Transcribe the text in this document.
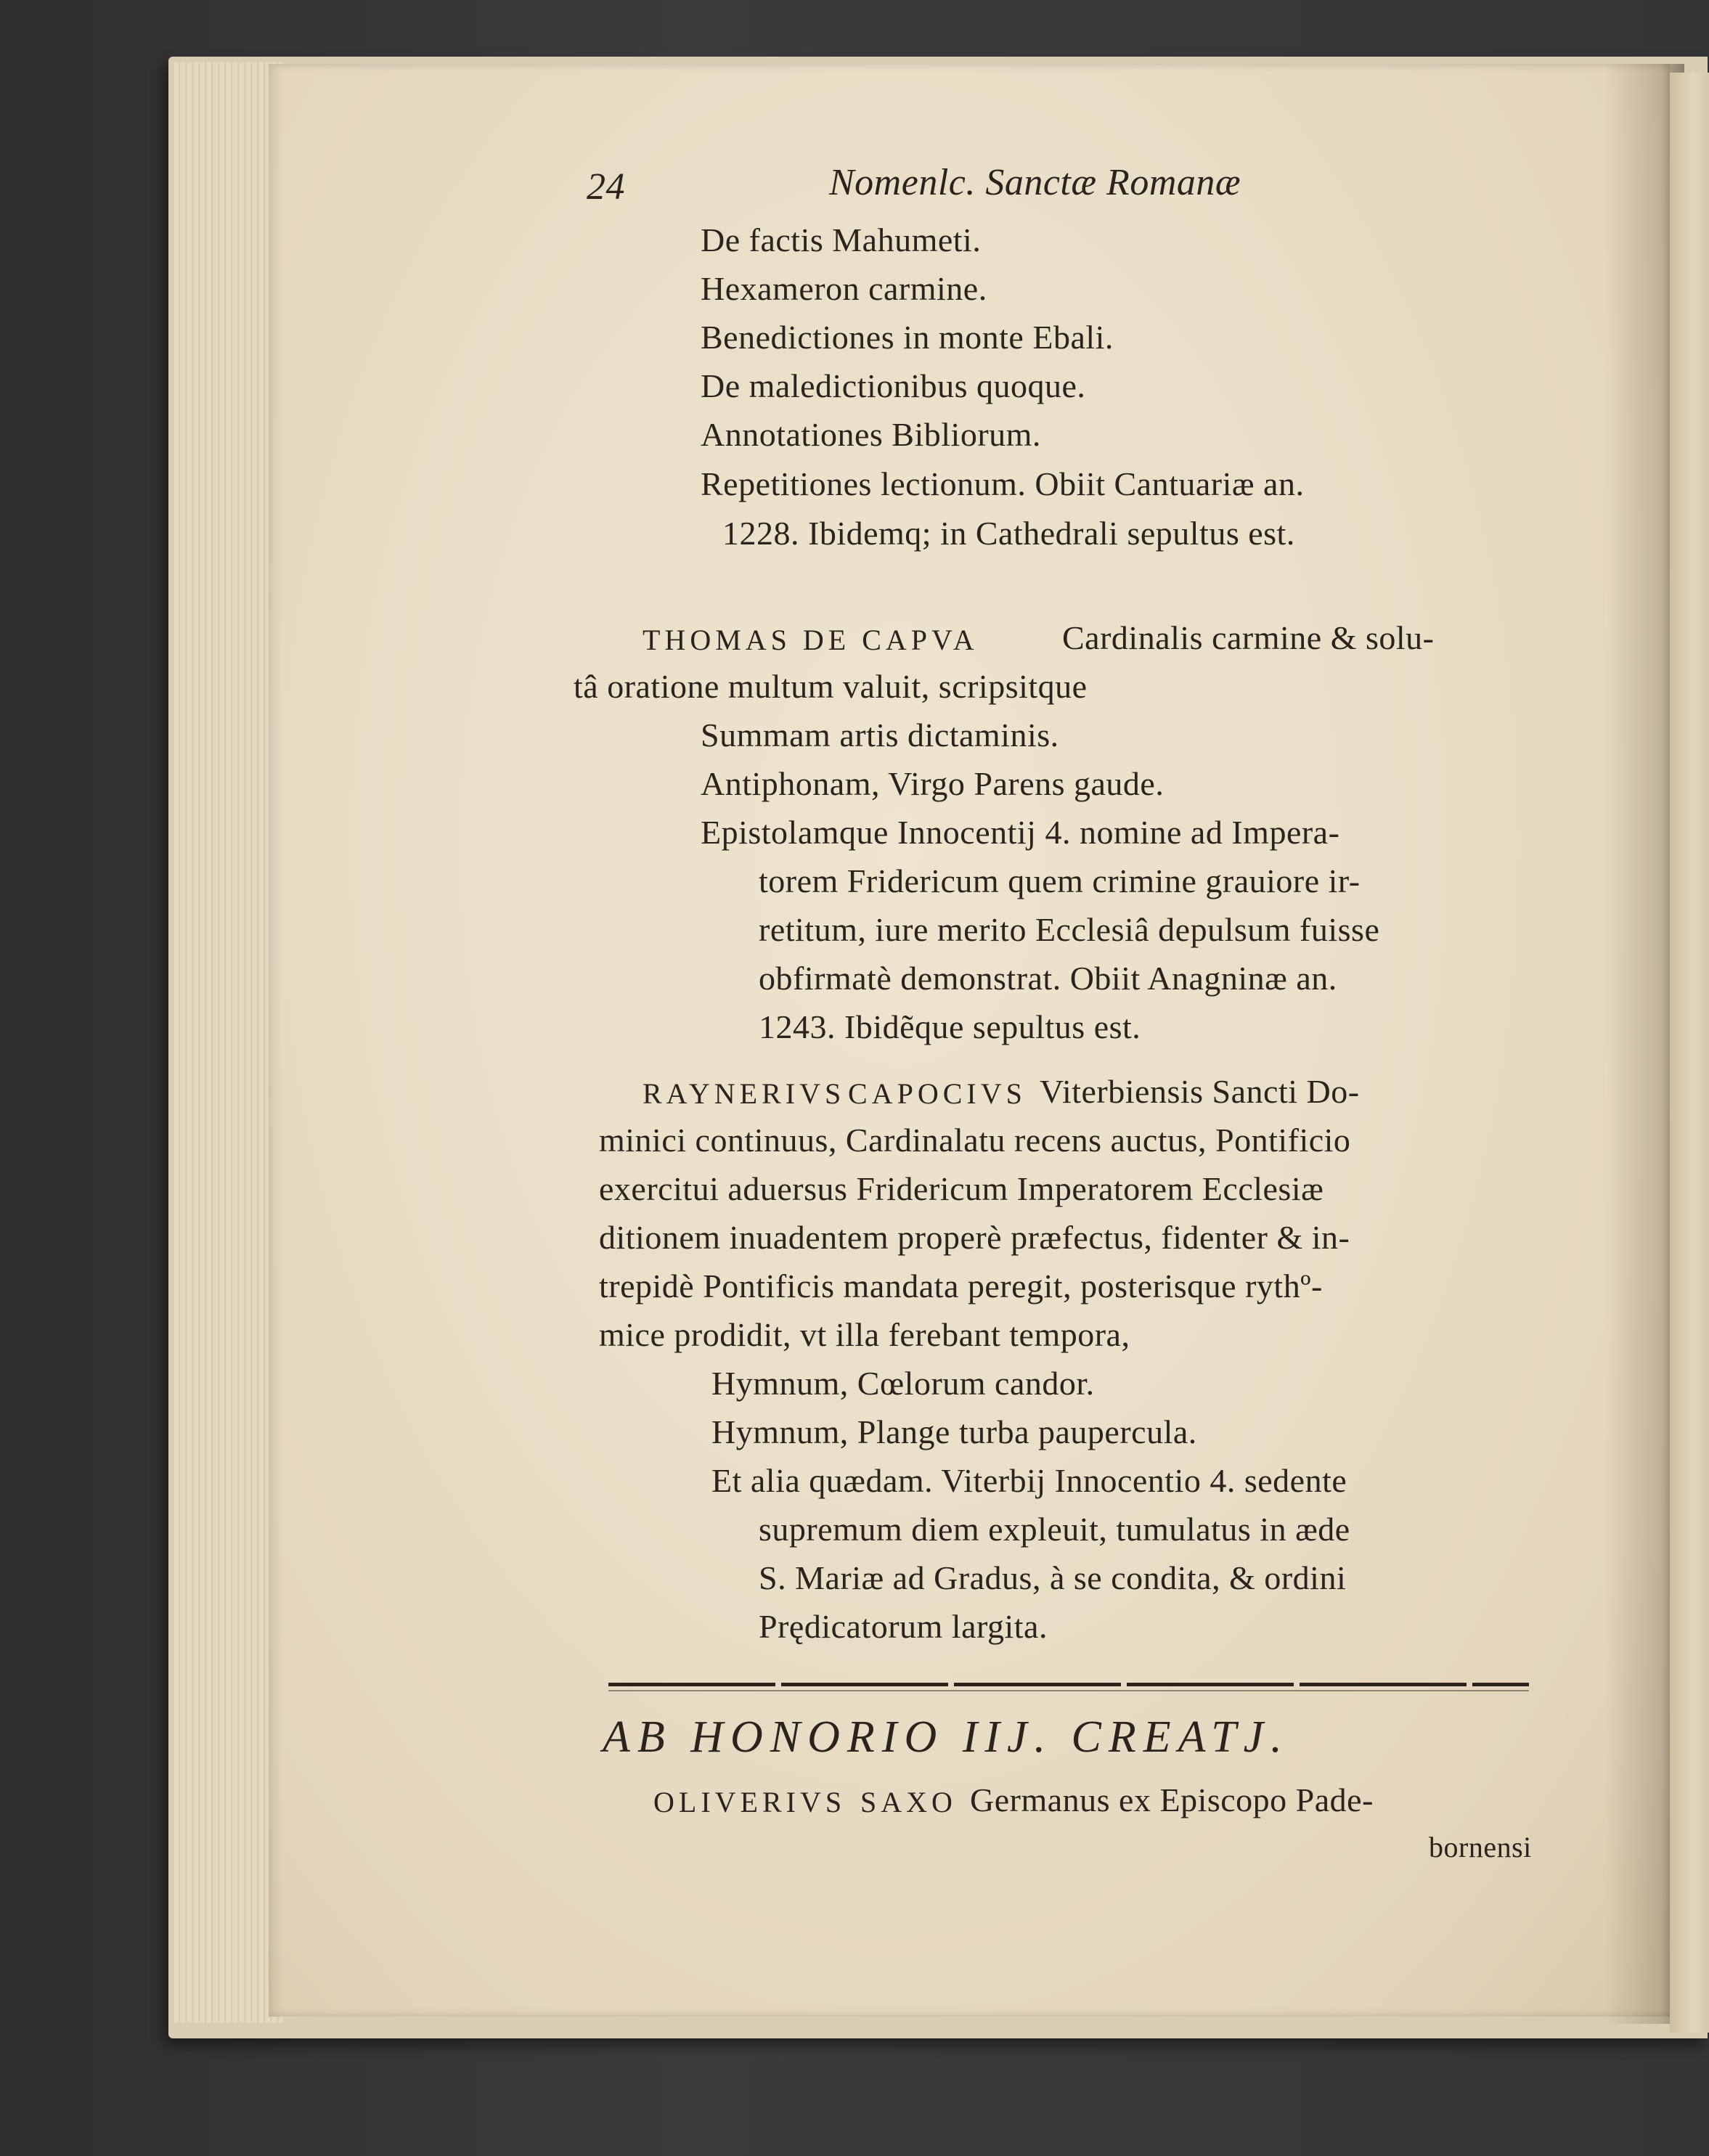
24	Nomenlc. Sanctæ Romanæ
De factis Mahumeti.
Hexameron carmine.
Benedictiones in monte Ebali.
De maledictionibus quoque.
Annotationes Bibliorum.
Repetitiones lectionum. Obiit Cantuariæ an.
1228. Ibidemq; in Cathedrali sepultus est.
THOMAS DE CAPVA	Cardinalis carmine & solu-
tâ oratione multum valuit, scripsitque
Summam artis dictaminis.
Antiphonam, Virgo Parens gaude.
Epistolamque Innocentij 4. nomine ad Impera-
torem Fridericum quem crimine grauiore ir-
retitum, iure merito Ecclesiâ depulsum fuisse
obfirmatè demonstrat. Obiit Anagninæ an.
1243. Ibidẽque sepultus est.
RAYNERIVS CAPOCIVS Viterbiensis Sancti Do-
minici continuus, Cardinalatu recens auctus, Pontificio
exercitui aduersus Fridericum Imperatorem Ecclesiæ
ditionem inuadentem properè præfectus, fidenter & in-
trepidè Pontificis mandata peregit, posterisque rythº-
mice prodidit, vt illa ferebant tempora,
Hymnum, Cœlorum candor.
Hymnum, Plange turba paupercula.
Et alia quædam. Viterbij Innocentio 4. sedente
supremum diem expleuit, tumulatus in æde
S. Mariæ ad Gradus, à se condita, & ordini
Prędicatorum largita.
AB HONORIO IIJ. CREATJ.
OLIVERIVS SAXO Germanus ex Episcopo Pade-
bornensi
